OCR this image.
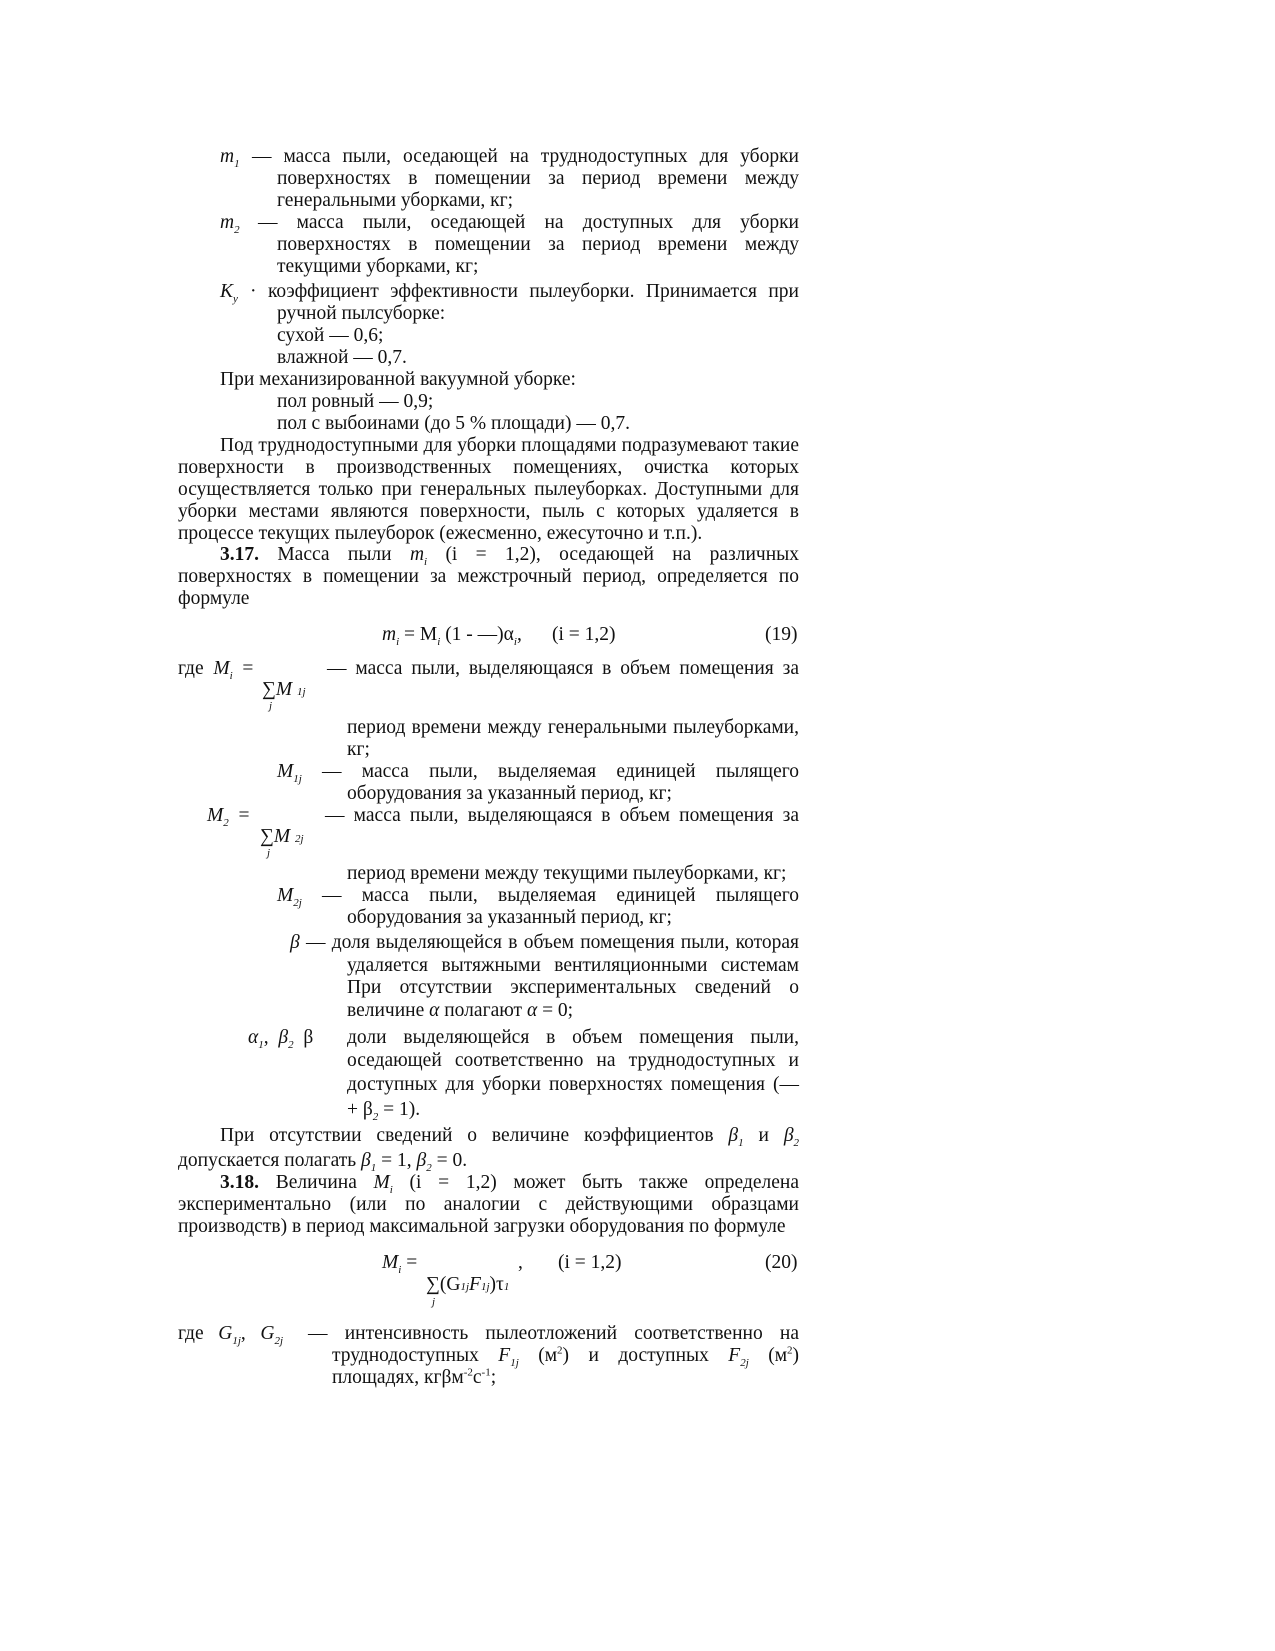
$m_1$ — масса пыли, оседающей на труднодоступных для уборки
поверхностях в помещении за период времени между
генеральными уборками, кг;
$m_2$ — масса пыли, оседающей на доступных для уборки
поверхностях в помещении за период времени между
текущими уборками, кг;
$K_y$ · коэффициент эффективности пылеуборки. Принимается при
ручной пылсуборке:
сухой — 0,6;
влажной — 0,7.
При механизированной вакуумной уборке:
пол ровный — 0,9;
пол с выбоинами (до 5 % площади) — 0,7.
Под труднодоступными для уборки площадями подразумевают такие
поверхности в производственных помещениях, очистка которых
осуществляется только при генеральных пылеуборках. Доступными для
уборки местами являются поверхности, пыль с которых удаляется в
процессе текущих пылеуборок (ежесменно, ежесуточно и т.п.).
3.17. Масса пыли $m_i$ (i = 1,2), оседающей на различных
поверхностях в помещении за межстрочный период, определяется по
формуле
$m_i = M_i$ $(1 - —)\alpha_i$, (i = 1,2)	(19)
где $M_i$ =
∑M 1j
j
— масса пыли, выделяющаяся в объем помещения за
период времени между генеральными пылеуборками,
кг;
$M_{1j}$ — масса пыли, выделяемая единицей пылящего
оборудования за указанный период, кг;
$M_2$ =
∑M 2j
j
— масса пыли, выделяющаяся в объем помещения за
период времени между текущими пылеуборками, кг;
$M_{2j}$ — масса пыли, выделяемая единицей пылящего
оборудования за указанный период, кг;
β — доля выделяющейся в объем помещения пыли, которая
удаляется вытяжными вентиляционными системам
При отсутствии экспериментальных сведений о
величине α полагают α = 0;
$\alpha_1$,  $\beta_2$ β доли выделяющейся в объем помещения пыли,
оседающей соответственно на труднодоступных и
доступных для уборки поверхностях помещения (—
+ $\beta_2 = 1$).
При отсутствии сведений о величине коэффициентов $\beta_1$ и $\beta_2$
допускается полагать $\beta_1 = 1$, $\beta_2 = 0$.
3.18. Величина $M_i$ (i = 1,2) может быть также определена
экспериментально (или по аналогии с действующими образцами
производств) в период максимальной загрузки оборудования по формуле
$M_i$ =	, (i = 1,2)	(20)
∑(G1jF1j)τ1
j
где $G_{1j}$,   $G_{2j}$ — интенсивность пылеотложений соответственно на
труднодоступных $F_{1j}$ $(м^2)$ и доступных $F_{2j}$ $(м^2)$
площадях, $кг\beta м^{-2}с^{-1}$;
